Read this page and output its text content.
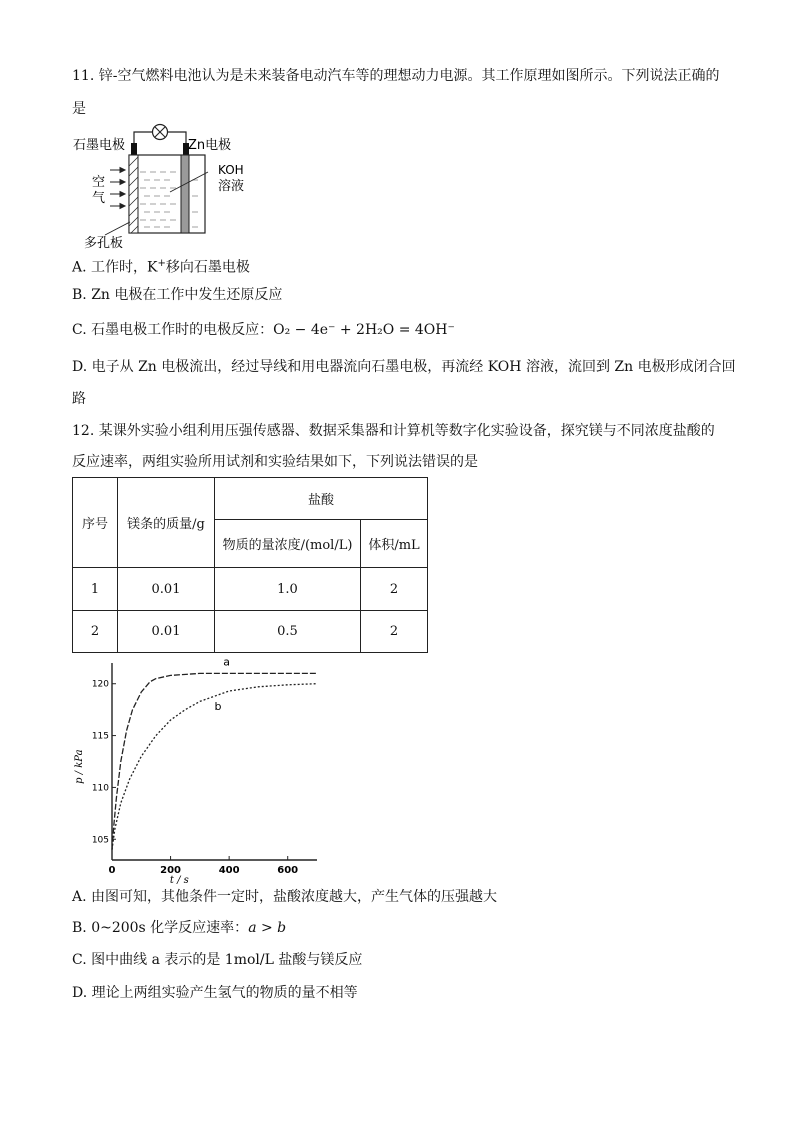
11. 锌-空气燃料电池认为是未来装备电动汽车等的理想动力电源。其工作原理如图所示。下列说法正确的
是
石墨电极	Zn电极
KOH
溶液
空
气
多孔板
A. 工作时，K+移向石墨电极
B. Zn 电极在工作中发生还原反应
C. 石墨电极工作时的电极反应：O₂ − 4e⁻ + 2H₂O = 4OH⁻
D. 电子从 Zn 电极流出，经过导线和用电器流向石墨电极，再流经 KOH 溶液，流回到 Zn 电极形成闭合回
路
12. 某课外实验小组利用压强传感器、数据采集器和计算机等数字化实验设备，探究镁与不同浓度盐酸的
反应速率，两组实验所用试剂和实验结果如下，下列说法错误的是
序号	镁条的质量/g	盐酸	
		物质的量浓度/(mol/L)	体积/mL
1	0.01	1.0	2
2	0.01	0.5	2
0	200	400	600
105
110
115
120
a
b
t / s
p / kPa
A. 由图可知，其他条件一定时，盐酸浓度越大，产生气体的压强越大
B. 0~200s 化学反应速率：a > b
C. 图中曲线 a 表示的是 1mol/L 盐酸与镁反应
D. 理论上两组实验产生氢气的物质的量不相等
